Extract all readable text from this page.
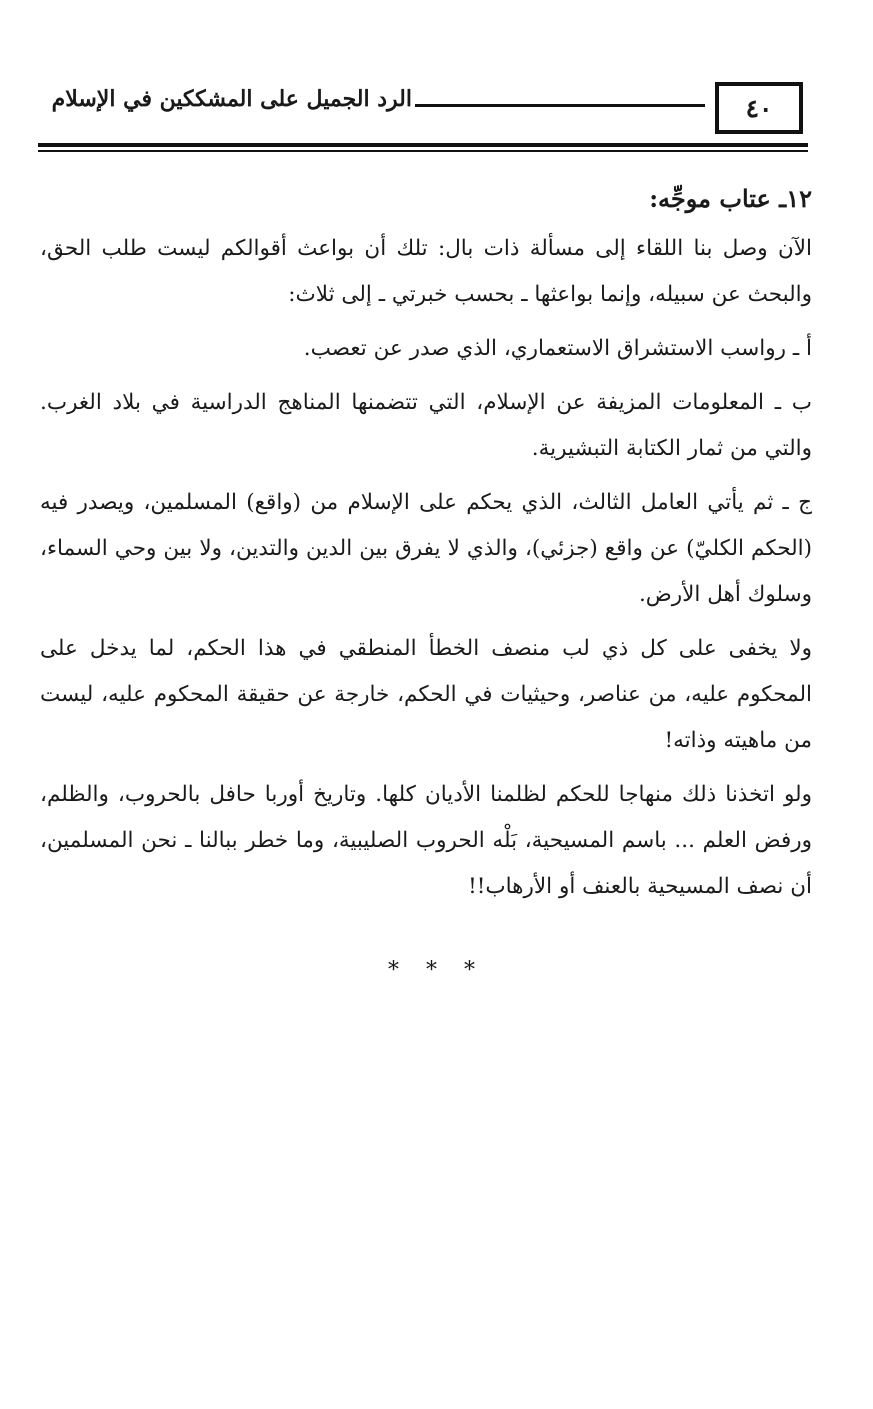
٤٠
الرد الجميل على المشككين في الإسلام

١٢ـ عتاب موجِّه:

الآن وصل بنا اللقاء إلى مسألة ذات بال: تلك أن بواعث أقوالكم ليست طلب الحق، والبحث عن سبيله، وإنما بواعثها ـ بحسب خبرتي ـ إلى ثلاث:

أ ـ رواسب الاستشراق الاستعماري، الذي صدر عن تعصب.

ب ـ المعلومات المزيفة عن الإسلام، التي تتضمنها المناهج الدراسية في بلاد الغرب. والتي من ثمار الكتابة التبشيرية.

ج ـ ثم يأتي العامل الثالث، الذي يحكم على الإسلام من (واقع) المسلمين، ويصدر فيه (الحكم الكليّ) عن واقع (جزئي)، والذي لا يفرق بين الدين والتدين، ولا بين وحي السماء، وسلوك أهل الأرض.

ولا يخفى على كل ذي لب منصف الخطأ المنطقي في هذا الحكم، لما يدخل على المحكوم عليه، من عناصر، وحيثيات في الحكم، خارجة عن حقيقة المحكوم عليه، ليست من ماهيته وذاته!

ولو اتخذنا ذلك منهاجا للحكم لظلمنا الأديان كلها. وتاريخ أوربا حافل بالحروب، والظلم، ورفض العلم ... باسم المسيحية، بَلْه الحروب الصليبية، وما خطر ببالنا ـ نحن المسلمين، أن نصف المسيحية بالعنف أو الأرهاب!!

* * *
